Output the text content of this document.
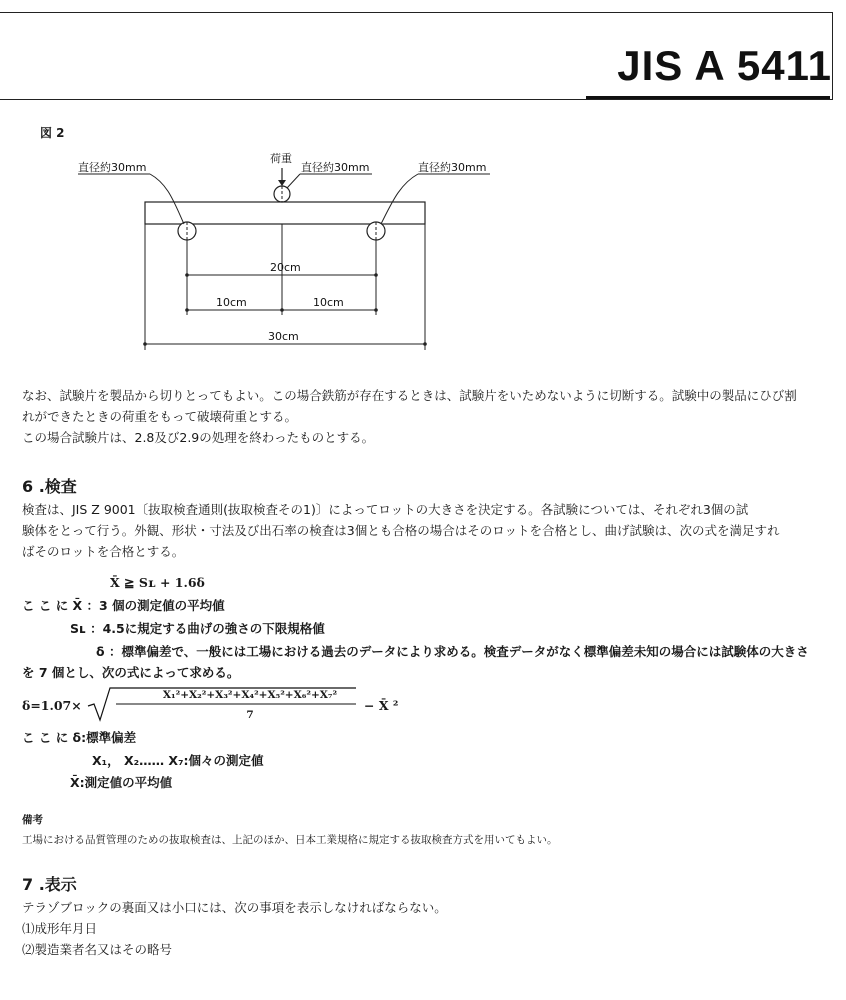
JIS A 5411
図 2
荷重
直径約30mm	直径約30mm	直径約30mm
20cm
10cm	10cm
30cm
なお、試験片を製品から切りとってもよい。この場合鉄筋が存在するときは、試験片をいためないように切断する。試験中の製品にひび割
れができたときの荷重をもって破壊荷重とする。
この場合試験片は、2.8及び2.9の処理を終わったものとする。
6 .検査
検査は、JIS Z 9001〔抜取検査通則(抜取検査その1)〕によってロットの大きさを決定する。各試験については、それぞれ3個の試
験体をとって行う。外観、形状・寸法及び出石率の検査は3個とも合格の場合はそのロットを合格とし、曲げ試験は、次の式を満足すれ
ばそのロットを合格とする。
X̄ ≧ Sʟ + 1.6δ
こ こ に X̄ ：3 個の測定値の平均値
Sʟ ：4.5に規定する曲げの強さの下限規格値
δ ：標準偏差で、一般には工場における過去のデータにより求める。検査データがなく標準偏差未知の場合には試験体の大きさ
を 7 個とし、次の式によって求める。
δ=1.07×
X₁²+X₂²+X₃²+X₄²+X₅²+X₆²+X₇²
7
− X̄ ²
こ こ に δ:標準偏差
X₁， X₂…… X₇:個々の測定値
X̄:測定値の平均値
備考
工場における品質管理のための抜取検査は、上記のほか、日本工業規格に規定する抜取検査方式を用いてもよい。
7 .表示
テラゾブロックの裏面又は小口には、次の事項を表示しなければならない。
⑴成形年月日
⑵製造業者名又はその略号
